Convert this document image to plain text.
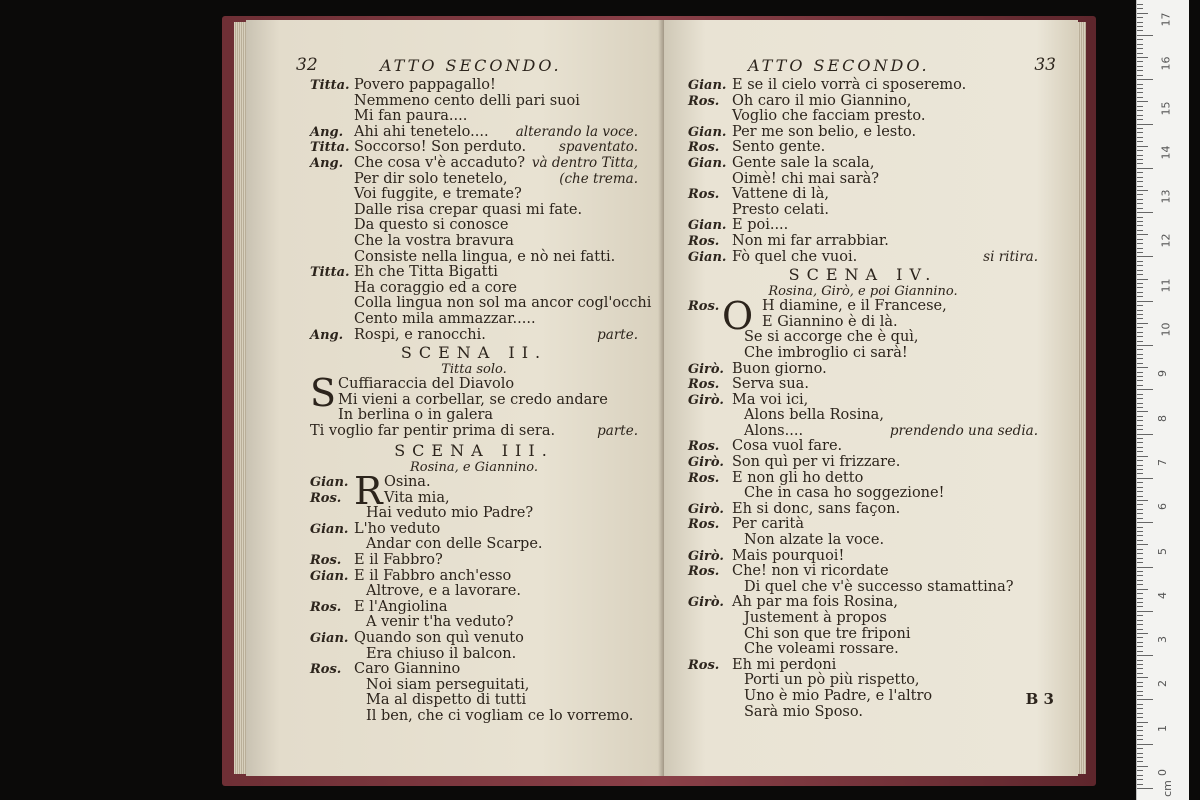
32	ATTO SECONDO.
Titta. Povero pappagallo!
Nemmeno cento delli pari suoi
Mi fan paura....
Ang. Ahi ahi tenetelo.... alterando la voce.
Titta. Soccorso! Son perduto. spaventato.
Ang. Che cosa v'è accaduto? và dentro Titta,
Per dir solo tenetelo,	(che trema.
Voi fuggite, e tremate?
Dalle risa crepar quasi mi fate.
Da questo si conosce
Che la vostra bravura
Consiste nella lingua, e nò nei fatti.
Titta. Eh che Titta Bigatti
Ha coraggio ed a core
Colla lingua non sol ma ancor cogl'occhi
Cento mila ammazzar.....
Ang. Rospi, e ranocchi.	parte.
SCENA II.
Titta solo.
S Cuffiaraccia del Diavolo
Mi vieni a corbellar, se credo andare
In berlina o in galera
Ti voglio far pentir prima di sera.	parte.
SCENA III.
Rosina, e Giannino.
R
Gian. Osina.
Ros.	Vita mia,
Hai veduto mio Padre?
Gian. L'ho veduto
Andar con delle Scarpe.
Ros. E il Fabbro?
Gian. E il Fabbro anch'esso
Altrove, e a lavorare.
Ros. E l'Angiolina
A venir t'ha veduto?
Gian. Quando son quì venuto
Era chiuso il balcon.
Ros. Caro Giannino
Noi siam perseguitati,
Ma al dispetto di tutti
Il ben, che ci vogliam ce lo vorremo.
ATTO SECONDO.	33
Gian. E se il cielo vorrà ci sposeremo.
Ros. Oh caro il mio Giannino,
Voglio che facciam presto.
Gian. Per me son belio, e lesto.
Ros. Sento gente.
Gian. Gente sale la scala,
Oimè! chi mai sarà?
Ros. Vattene di là,
Presto celati.
Gian. E poi....
Ros. Non mi far arrabbiar.
Gian. Fò quel che vuoi.	si ritira.
SCENA IV.
Rosina, Girò, e poi Giannino.
O
Ros.	H diamine, e il Francese,
E Giannino è di là.
Se si accorge che è quì,
Che imbroglio ci sarà!
Girò. Buon giorno.
Ros. Serva sua.
Girò. Ma voi ici,
Alons bella Rosina,
Alons....	prendendo una sedia.
Ros. Cosa vuol fare.
Girò. Son quì per vi frizzare.
Ros. E non gli ho detto
Che in casa ho soggezione!
Girò. Eh si donc, sans façon.
Ros. Per carità
Non alzate la voce.
Girò. Mais pourquoi!
Ros. Che! non vi ricordate
Di quel che v'è successo stamattina?
Girò. Ah par ma fois Rosina,
Justement à propos
Chi son que tre friponi
Che voleami rossare.
Ros. Eh mi perdoni
Porti un pò più rispetto,
Uno è mio Padre, e l'altro
Sarà mio Sposo.
B 3
0
1
2
3
4
5
6
7
8
9
10
11
12
13
14
15
16
17
cm
